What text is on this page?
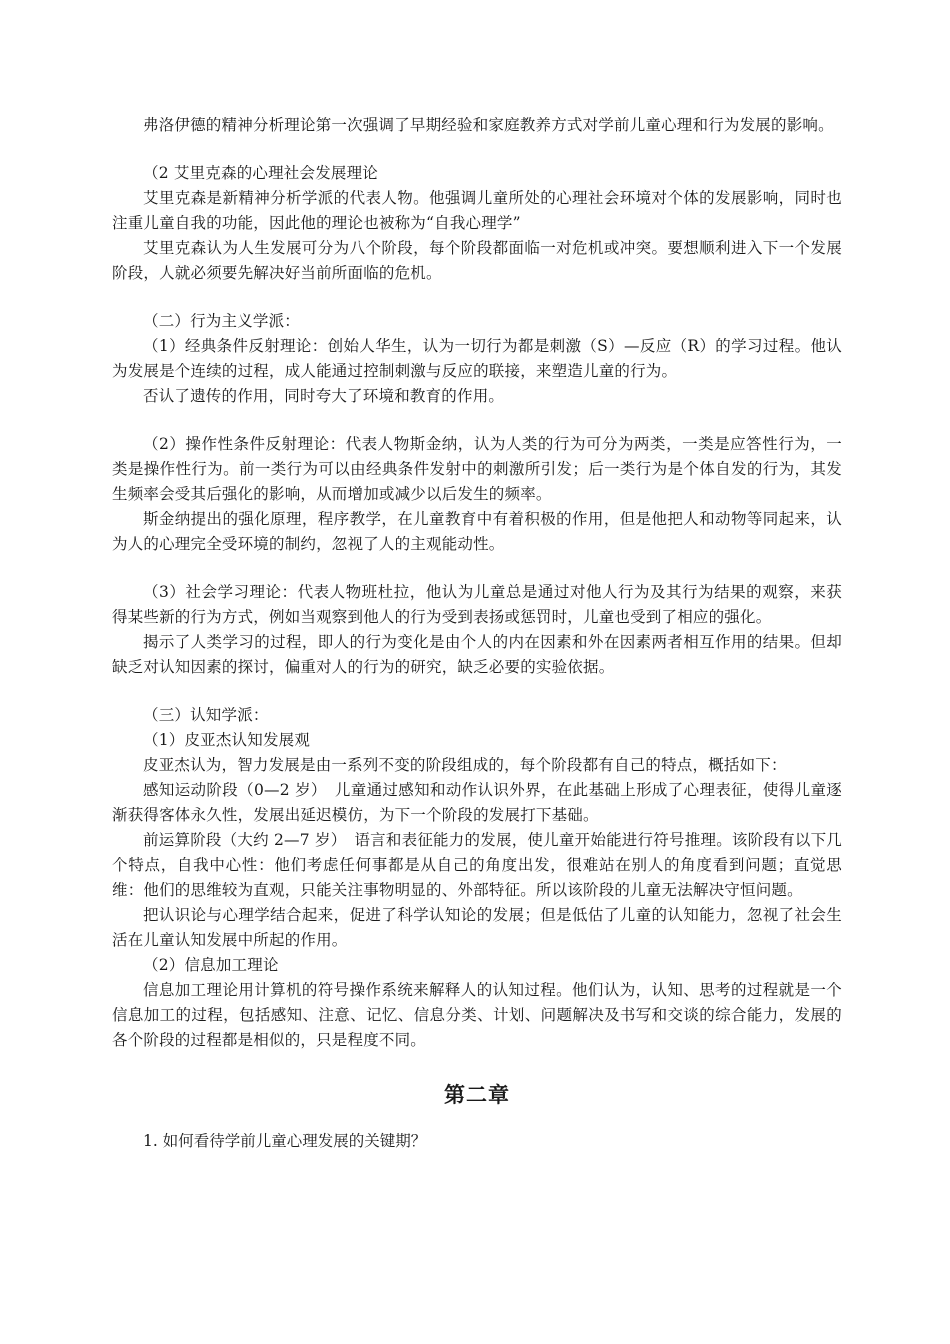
弗洛伊德的精神分析理论第一次强调了早期经验和家庭教养方式对学前儿童心理和行为发展的影响。

（2 艾里克森的心理社会发展理论

艾里克森是新精神分析学派的代表人物。他强调儿童所处的心理社会环境对个体的发展影响，同时也注重儿童自我的功能，因此他的理论也被称为“自我心理学”

艾里克森认为人生发展可分为八个阶段，每个阶段都面临一对危机或冲突。要想顺利进入下一个发展阶段，人就必须要先解决好当前所面临的危机。

（二）行为主义学派：

（1）经典条件反射理论：创始人华生，认为一切行为都是刺激（S）—反应（R）的学习过程。他认为发展是个连续的过程，成人能通过控制刺激与反应的联接，来塑造儿童的行为。

否认了遗传的作用，同时夸大了环境和教育的作用。

（2）操作性条件反射理论：代表人物斯金纳，认为人类的行为可分为两类，一类是应答性行为，一类是操作性行为。前一类行为可以由经典条件发射中的刺激所引发；后一类行为是个体自发的行为，其发生频率会受其后强化的影响，从而增加或减少以后发生的频率。

斯金纳提出的强化原理，程序教学，在儿童教育中有着积极的作用，但是他把人和动物等同起来，认为人的心理完全受环境的制约，忽视了人的主观能动性。

（3）社会学习理论：代表人物班杜拉，他认为儿童总是通过对他人行为及其行为结果的观察，来获得某些新的行为方式，例如当观察到他人的行为受到表扬或惩罚时，儿童也受到了相应的强化。

揭示了人类学习的过程，即人的行为变化是由个人的内在因素和外在因素两者相互作用的结果。但却缺乏对认知因素的探讨，偏重对人的行为的研究，缺乏必要的实验依据。

（三）认知学派：

（1）皮亚杰认知发展观

皮亚杰认为，智力发展是由一系列不变的阶段组成的，每个阶段都有自己的特点，概括如下：

感知运动阶段（0—2 岁）　儿童通过感知和动作认识外界，在此基础上形成了心理表征，使得儿童逐渐获得客体永久性，发展出延迟模仿，为下一个阶段的发展打下基础。

前运算阶段（大约 2—7 岁）　语言和表征能力的发展，使儿童开始能进行符号推理。该阶段有以下几个特点，自我中心性：他们考虑任何事都是从自己的角度出发，很难站在别人的角度看到问题；直觉思维：他们的思维较为直观，只能关注事物明显的、外部特征。所以该阶段的儿童无法解决守恒问题。

把认识论与心理学结合起来，促进了科学认知论的发展；但是低估了儿童的认知能力，忽视了社会生活在儿童认知发展中所起的作用。

（2）信息加工理论

信息加工理论用计算机的符号操作系统来解释人的认知过程。他们认为，认知、思考的过程就是一个信息加工的过程，包括感知、注意、记忆、信息分类、计划、问题解决及书写和交谈的综合能力，发展的各个阶段的过程都是相似的，只是程度不同。

第二章

1. 如何看待学前儿童心理发展的关键期？
